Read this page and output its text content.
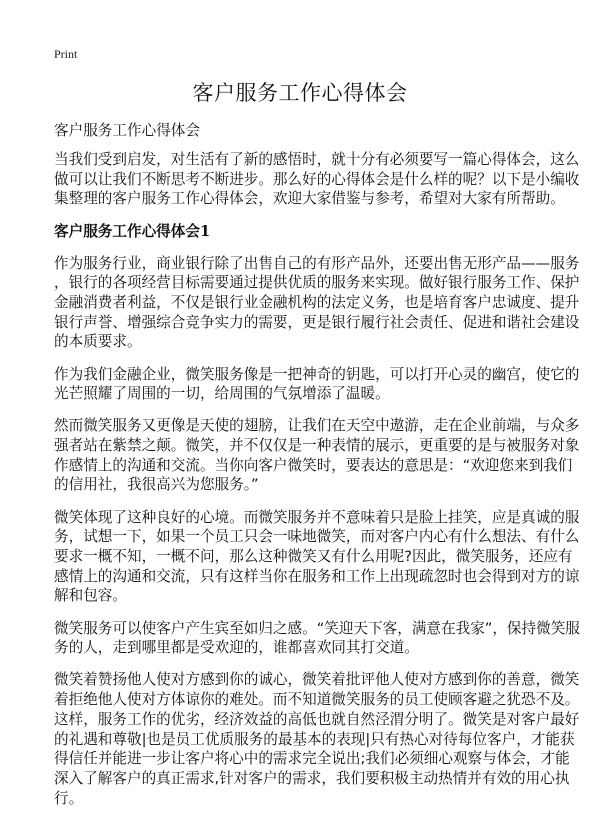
Print
客户服务工作心得体会
客户服务工作心得体会
当我们受到启发，对生活有了新的感悟时，就十分有必须要写一篇心得体会，这么
做可以让我们不断思考不断进步。那么好的心得体会是什么样的呢？以下是小编收
集整理的客户服务工作心得体会，欢迎大家借鉴与参考，希望对大家有所帮助。
客户服务工作心得体会1
作为服务行业，商业银行除了出售自己的有形产品外，还要出售无形产品——服务
，银行的各项经营目标需要通过提供优质的服务来实现。做好银行服务工作、保护
金融消费者利益，不仅是银行业金融机构的法定义务，也是培育客户忠诚度、提升
银行声誉、增强综合竞争实力的需要，更是银行履行社会责任、促进和谐社会建设
的本质要求。
作为我们金融企业，微笑服务像是一把神奇的钥匙，可以打开心灵的幽宫，使它的
光芒照耀了周围的一切，给周围的气氛增添了温暖。
然而微笑服务又更像是天使的翅膀，让我们在天空中遨游，走在企业前端，与众多
强者站在紫禁之颠。微笑，并不仅仅是一种表情的展示，更重要的是与被服务对象
作感情上的沟通和交流。当你向客户微笑时，要表达的意思是：“欢迎您来到我们
的信用社，我很高兴为您服务。”
微笑体现了这种良好的心境。而微笑服务并不意味着只是脸上挂笑，应是真诚的服
务，试想一下，如果一个员工只会一味地微笑，而对客户内心有什么想法、有什么
要求一概不知，一概不问，那么这种微笑又有什么用呢?因此，微笑服务，还应有
感情上的沟通和交流，只有这样当你在服务和工作上出现疏忽时也会得到对方的谅
解和包容。
微笑服务可以使客户产生宾至如归之感。“笑迎天下客，满意在我家”，保持微笑服
务的人，走到哪里都是受欢迎的，谁都喜欢同其打交道。
微笑着赞扬他人使对方感到你的诚心，微笑着批评他人使对方感到你的善意，微笑
着拒绝他人使对方体谅你的难处。而不知道微笑服务的员工使顾客避之犹恐不及。
这样，服务工作的优劣，经济效益的高低也就自然泾渭分明了。微笑是对客户最好
的礼遇和尊敬|也是员工优质服务的最基本的表现|只有热心对待每位客户，才能获
得信任并能进一步让客户将心中的需求完全说出;我们必须细心观察与体会，才能
深入了解客户的真正需求,针对客户的需求，我们要积极主动热情并有效的用心执
行。
